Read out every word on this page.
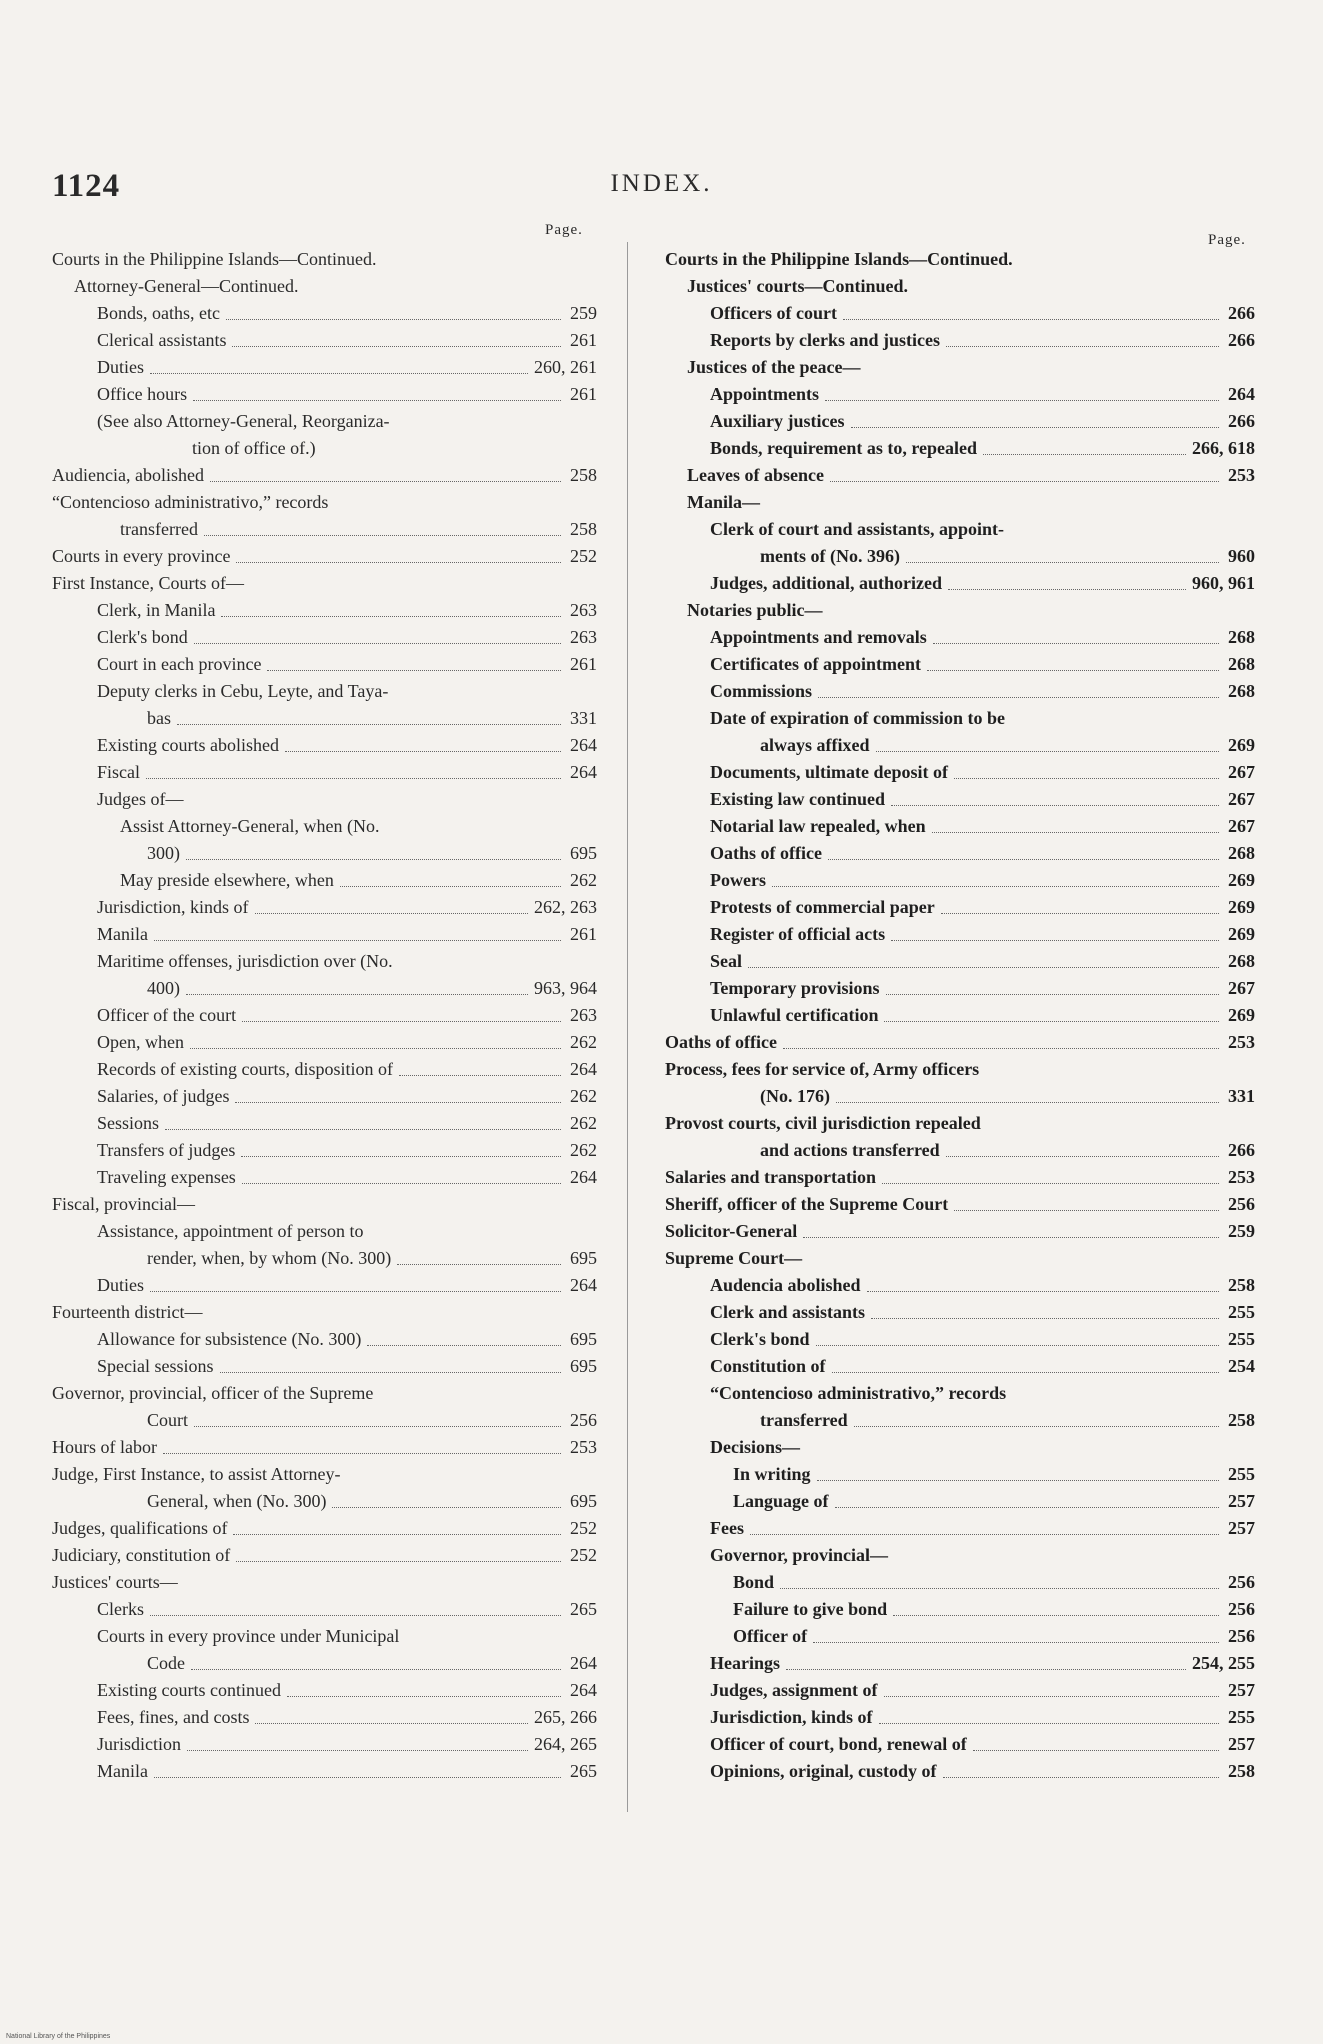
1124	INDEX.
Page.
Page.
Courts in the Philippine Islands—Continued.
Attorney-General—Continued.
Bonds, oaths, etc	259
Clerical assistants	261
Duties	260, 261
Office hours	261
(See also Attorney-General, Reorganiza-
tion of office of.)
Audiencia, abolished	258
“Contencioso administrativo,” records
transferred	258
Courts in every province	252
First Instance, Courts of—
Clerk, in Manila	263
Clerk's bond	263
Court in each province	261
Deputy clerks in Cebu, Leyte, and Taya-
bas	331
Existing courts abolished	264
Fiscal	264
Judges of—
Assist Attorney-General, when (No.
300)	695
May preside elsewhere, when	262
Jurisdiction, kinds of	262, 263
Manila	261
Maritime offenses, jurisdiction over (No.
400)	963, 964
Officer of the court	263
Open, when	262
Records of existing courts, disposition of	264
Salaries, of judges	262
Sessions	262
Transfers of judges	262
Traveling expenses	264
Fiscal, provincial—
Assistance, appointment of person to
render, when, by whom (No. 300)	695
Duties	264
Fourteenth district—
Allowance for subsistence (No. 300)	695
Special sessions	695
Governor, provincial, officer of the Supreme
Court	256
Hours of labor	253
Judge, First Instance, to assist Attorney-
General, when (No. 300)	695
Judges, qualifications of	252
Judiciary, constitution of	252
Justices' courts—
Clerks	265
Courts in every province under Municipal
Code	264
Existing courts continued	264
Fees, fines, and costs	265, 266
Jurisdiction	264, 265
Manila	265
Courts in the Philippine Islands—Continued.
Justices' courts—Continued.
Officers of court	266
Reports by clerks and justices	266
Justices of the peace—
Appointments	264
Auxiliary justices	266
Bonds, requirement as to, repealed	266, 618
Leaves of absence	253
Manila—
Clerk of court and assistants, appoint-
ments of (No. 396)	960
Judges, additional, authorized	960, 961
Notaries public—
Appointments and removals	268
Certificates of appointment	268
Commissions	268
Date of expiration of commission to be
always affixed	269
Documents, ultimate deposit of	267
Existing law continued	267
Notarial law repealed, when	267
Oaths of office	268
Powers	269
Protests of commercial paper	269
Register of official acts	269
Seal	268
Temporary provisions	267
Unlawful certification	269
Oaths of office	253
Process, fees for service of, Army officers
(No. 176)	331
Provost courts, civil jurisdiction repealed
and actions transferred	266
Salaries and transportation	253
Sheriff, officer of the Supreme Court	256
Solicitor-General	259
Supreme Court—
Audencia abolished	258
Clerk and assistants	255
Clerk's bond	255
Constitution of	254
“Contencioso administrativo,” records
transferred	258
Decisions—
In writing	255
Language of	257
Fees	257
Governor, provincial—
Bond	256
Failure to give bond	256
Officer of	256
Hearings	254, 255
Judges, assignment of	257
Jurisdiction, kinds of	255
Officer of court, bond, renewal of	257
Opinions, original, custody of	258
National Library of the Philippines
